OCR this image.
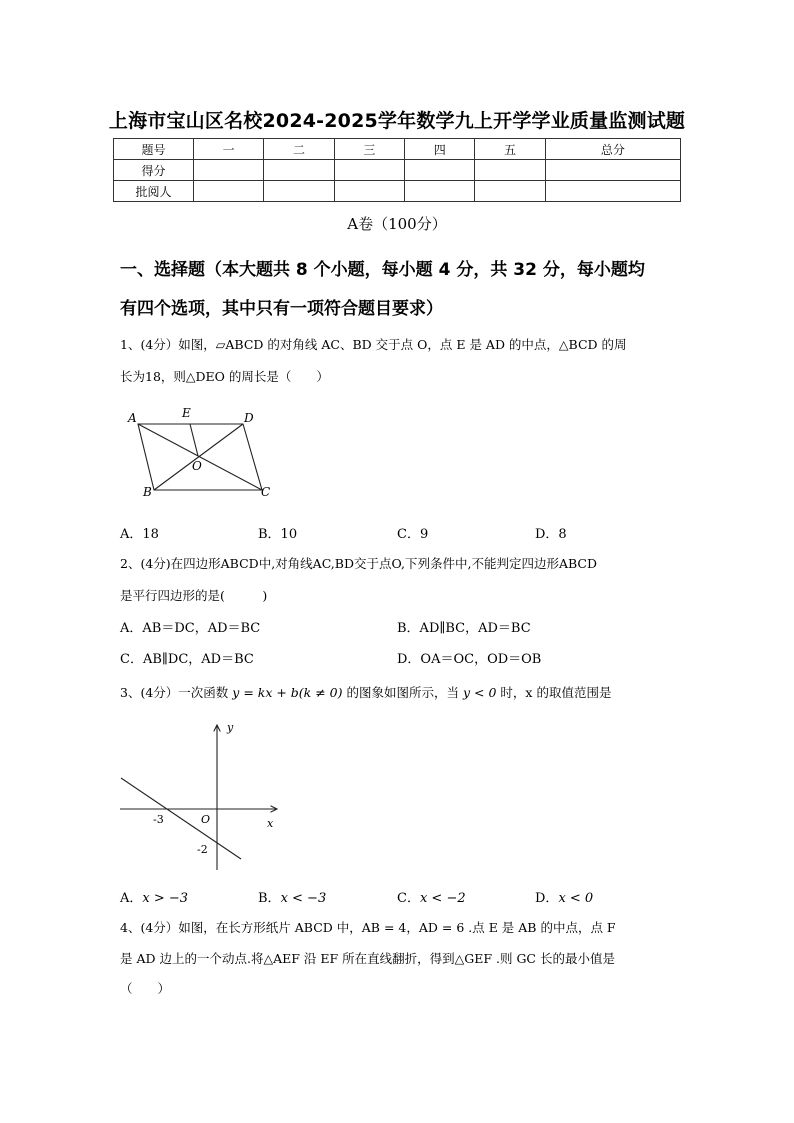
上海市宝山区名校2024-2025学年数学九上开学学业质量监测试题
题号	一	二	三	四	五	总分
得分						
批阅人						
A卷（100分）
一、选择题（本大题共 8 个小题，每小题 4 分，共 32 分，每小题均
有四个选项，其中只有一项符合题目要求）
1、(4分）如图，▱ABCD 的对角线 AC、BD 交于点 O，点 E 是 AD 的中点，△BCD 的周
长为18，则△DEO 的周长是（　　）
A	E	D
O
B	C
A．18	B．10	C．9	D．8
2、(4分)在四边形ABCD中,对角线AC,BD交于点O,下列条件中,不能判定四边形ABCD
是平行四边形的是(　　　)
A．AB＝DC，AD＝BC	B．AD∥BC，AD＝BC
C．AB∥DC，AD＝BC	D．OA＝OC，OD＝OB
3、(4分）一次函数 y = kx + b(k ≠ 0) 的图象如图所示，当 y < 0 时，x 的取值范围是
y
x
O
-3
-2
A．x > −3	B．x < −3	C．x < −2	D．x < 0
4、(4分）如图，在长方形纸片 ABCD 中，AB = 4，AD = 6 .点 E 是 AB 的中点，点 F
是 AD 边上的一个动点.将△AEF 沿 EF 所在直线翻折，得到△GEF .则 GC 长的最小值是
（　　）
